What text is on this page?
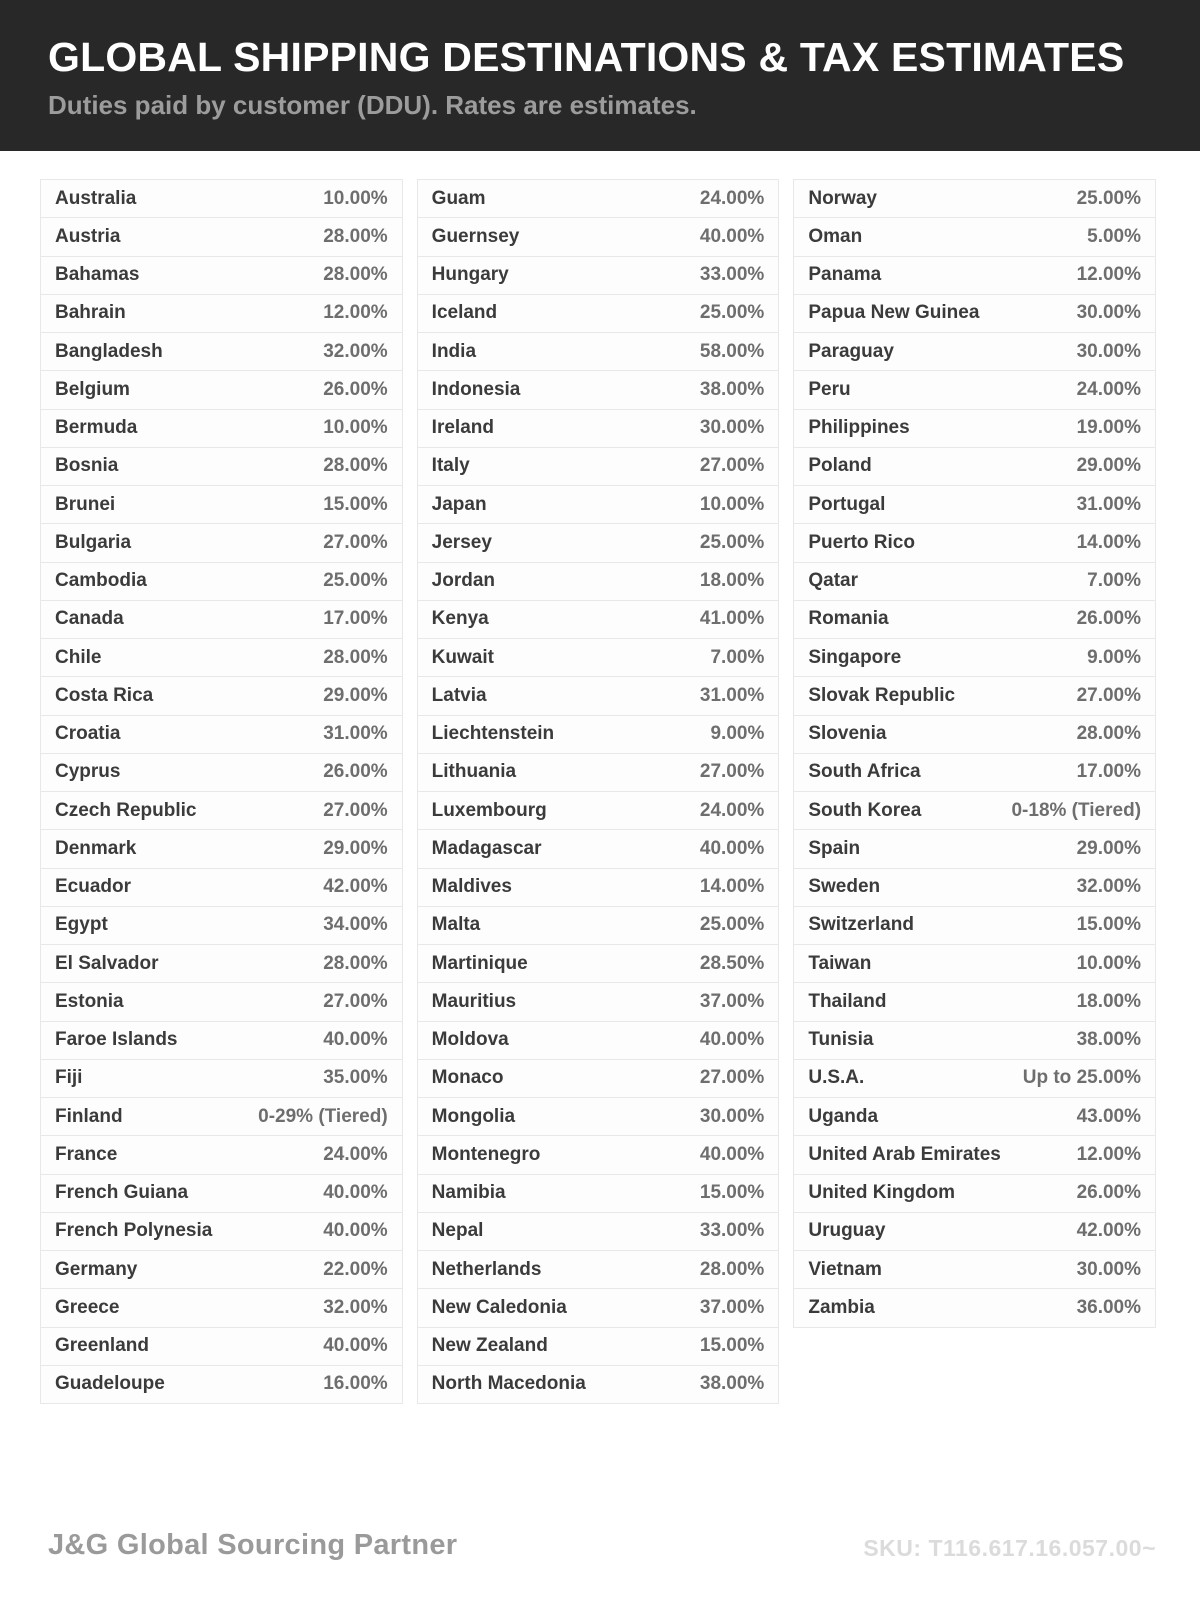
GLOBAL SHIPPING DESTINATIONS & TAX ESTIMATES

Duties paid by customer (DDU). Rates are estimates.

Australia	10.00%
Austria	28.00%
Bahamas	28.00%
Bahrain	12.00%
Bangladesh	32.00%
Belgium	26.00%
Bermuda	10.00%
Bosnia	28.00%
Brunei	15.00%
Bulgaria	27.00%
Cambodia	25.00%
Canada	17.00%
Chile	28.00%
Costa Rica	29.00%
Croatia	31.00%
Cyprus	26.00%
Czech Republic	27.00%
Denmark	29.00%
Ecuador	42.00%
Egypt	34.00%
El Salvador	28.00%
Estonia	27.00%
Faroe Islands	40.00%
Fiji	35.00%
Finland	0-29% (Tiered)
France	24.00%
French Guiana	40.00%
French Polynesia	40.00%
Germany	22.00%
Greece	32.00%
Greenland	40.00%
Guadeloupe	16.00%
Guam	24.00%
Guernsey	40.00%
Hungary	33.00%
Iceland	25.00%
India	58.00%
Indonesia	38.00%
Ireland	30.00%
Italy	27.00%
Japan	10.00%
Jersey	25.00%
Jordan	18.00%
Kenya	41.00%
Kuwait	7.00%
Latvia	31.00%
Liechtenstein	9.00%
Lithuania	27.00%
Luxembourg	24.00%
Madagascar	40.00%
Maldives	14.00%
Malta	25.00%
Martinique	28.50%
Mauritius	37.00%
Moldova	40.00%
Monaco	27.00%
Mongolia	30.00%
Montenegro	40.00%
Namibia	15.00%
Nepal	33.00%
Netherlands	28.00%
New Caledonia	37.00%
New Zealand	15.00%
North Macedonia	38.00%
Norway	25.00%
Oman	5.00%
Panama	12.00%
Papua New Guinea	30.00%
Paraguay	30.00%
Peru	24.00%
Philippines	19.00%
Poland	29.00%
Portugal	31.00%
Puerto Rico	14.00%
Qatar	7.00%
Romania	26.00%
Singapore	9.00%
Slovak Republic	27.00%
Slovenia	28.00%
South Africa	17.00%
South Korea	0-18% (Tiered)
Spain	29.00%
Sweden	32.00%
Switzerland	15.00%
Taiwan	10.00%
Thailand	18.00%
Tunisia	38.00%
U.S.A.	Up to 25.00%
Uganda	43.00%
United Arab Emirates	12.00%
United Kingdom	26.00%
Uruguay	42.00%
Vietnam	30.00%
Zambia	36.00%
J&G Global Sourcing Partner	SKU: T116.617.16.057.00~
